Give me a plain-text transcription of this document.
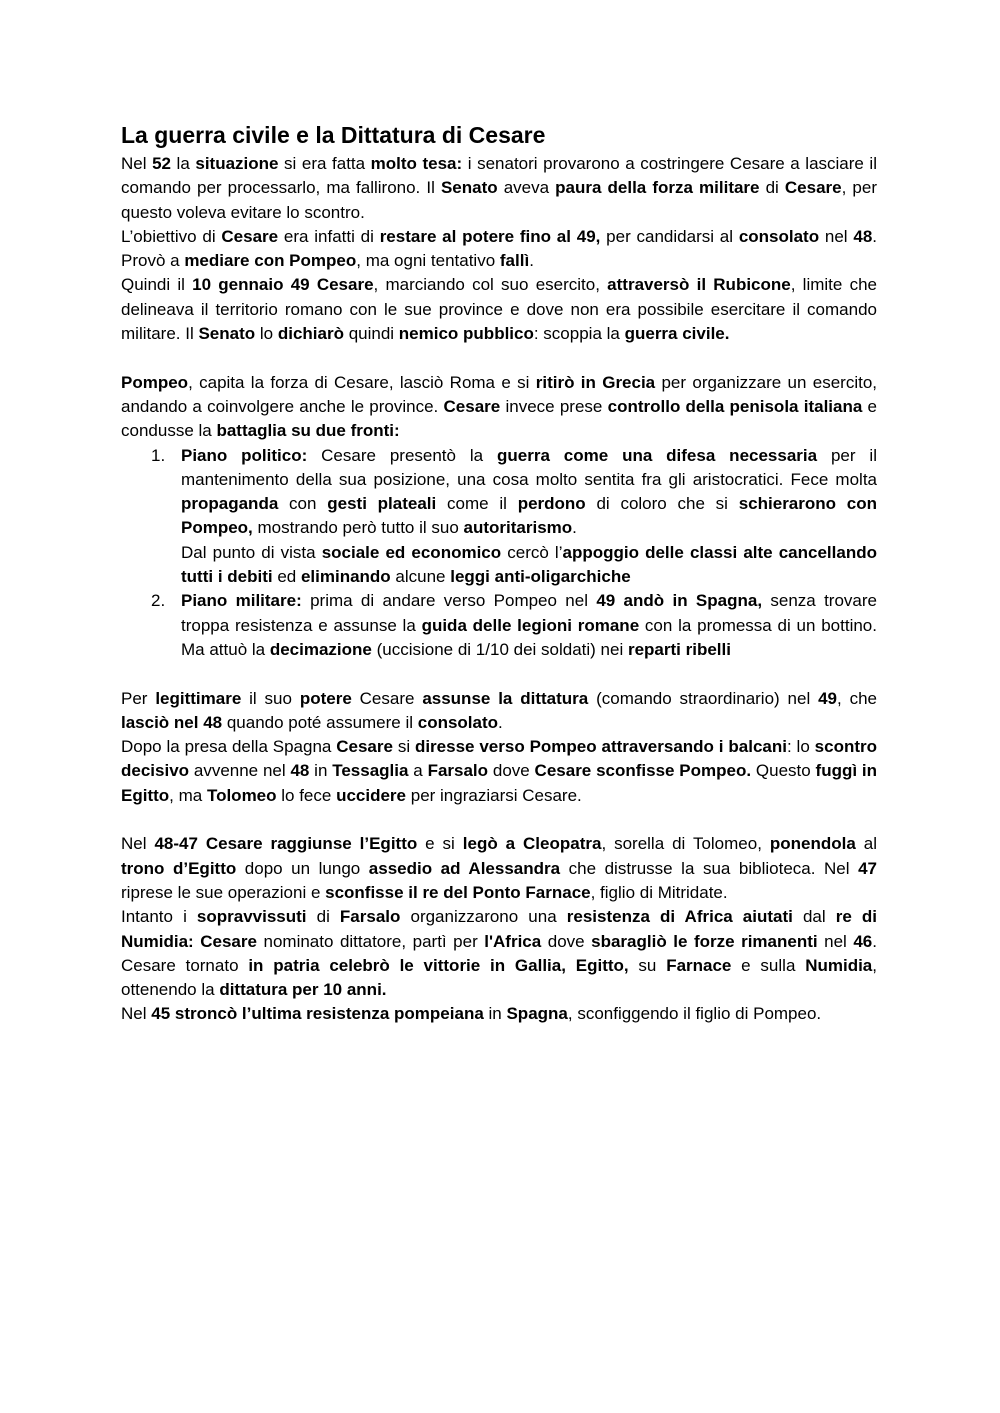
La guerra civile e la Dittatura di Cesare

Nel 52 la situazione si era fatta molto tesa: i senatori provarono a costringere Cesare a lasciare il comando per processarlo, ma fallirono. Il Senato aveva paura della forza militare di Cesare, per questo voleva evitare lo scontro.

L’obiettivo di Cesare era infatti di restare al potere fino al 49, per candidarsi al consolato nel 48. Provò a mediare con Pompeo, ma ogni tentativo fallì.

Quindi il 10 gennaio 49 Cesare, marciando col suo esercito, attraversò il Rubicone, limite che delineava il territorio romano con le sue province e dove non era possibile esercitare il comando militare. Il Senato lo dichiarò quindi nemico pubblico: scoppia la guerra civile.

Pompeo, capita la forza di Cesare, lasciò Roma e si ritirò in Grecia per organizzare un esercito, andando a coinvolgere anche le province. Cesare invece prese controllo della penisola italiana e condusse la battaglia su due fronti:

1. Piano politico: Cesare presentò la guerra come una difesa necessaria per il mantenimento della sua posizione, una cosa molto sentita fra gli aristocratici. Fece molta propaganda con gesti plateali come il perdono di coloro che si schierarono con Pompeo, mostrando però tutto il suo autoritarismo.

Dal punto di vista sociale ed economico cercò l’appoggio delle classi alte cancellando tutti i debiti ed eliminando alcune leggi anti-oligarchiche

2. Piano militare: prima di andare verso Pompeo nel 49 andò in Spagna, senza trovare troppa resistenza e assunse la guida delle legioni romane con la promessa di un bottino. Ma attuò la decimazione (uccisione di 1/10 dei soldati) nei reparti ribelli

Per legittimare il suo potere Cesare assunse la dittatura (comando straordinario) nel 49, che lasciò nel 48 quando poté assumere il consolato.

Dopo la presa della Spagna Cesare si diresse verso Pompeo attraversando i balcani: lo scontro decisivo avvenne nel 48 in Tessaglia a Farsalo dove Cesare sconfisse Pompeo. Questo fuggì in Egitto, ma Tolomeo lo fece uccidere per ingraziarsi Cesare.

Nel 48-47 Cesare raggiunse l’Egitto e si legò a Cleopatra, sorella di Tolomeo, ponendola al trono d’Egitto dopo un lungo assedio ad Alessandra che distrusse la sua biblioteca. Nel 47 riprese le sue operazioni e sconfisse il re del Ponto Farnace, figlio di Mitridate.

Intanto i sopravvissuti di Farsalo organizzarono una resistenza di Africa aiutati dal re di Numidia: Cesare nominato dittatore, partì per l'Africa dove sbaragliò le forze rimanenti nel 46. Cesare tornato in patria celebrò le vittorie in Gallia, Egitto, su Farnace e sulla Numidia, ottenendo la dittatura per 10 anni.

Nel 45 stroncò l’ultima resistenza pompeiana in Spagna, sconfiggendo il figlio di Pompeo.
